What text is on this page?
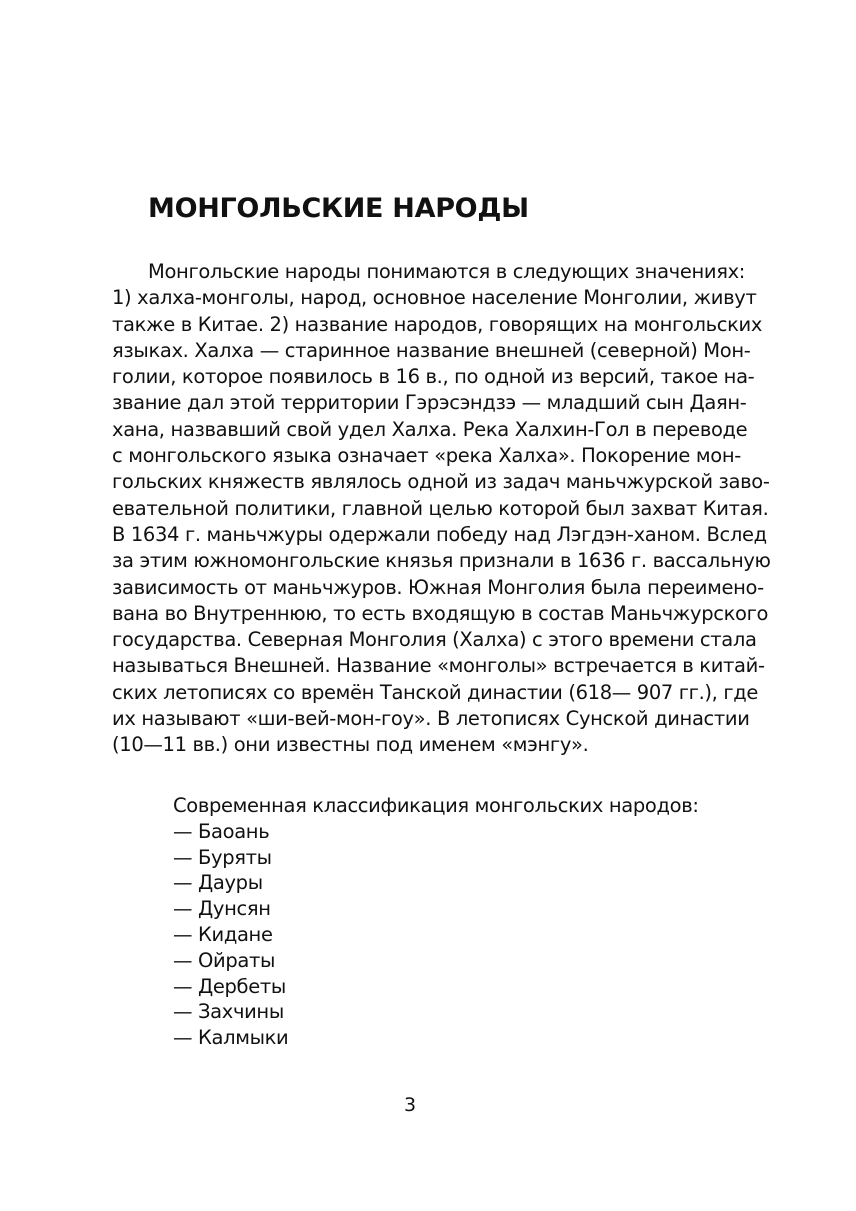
МОНГОЛЬСКИЕ НАРОДЫ
Монгольские народы понимаются в следующих значениях:
1) халха-монголы, народ, основное население Монголии, живут
также в Китае. 2) название народов, говорящих на монгольских
языках. Халха — старинное название внешней (северной) Мон-
голии, которое появилось в 16 в., по одной из версий, такое на-
звание дал этой территории Гэрэсэндзэ — младший сын Даян-
хана, назвавший свой удел Халха. Река Халхин-Гол в переводе
с монгольского языка означает «река Халха». Покорение мон-
гольских княжеств являлось одной из задач маньчжурской заво-
евательной политики, главной целью которой был захват Китая.
В 1634 г. маньчжуры одержали победу над Лэгдэн-ханом. Вслед
за этим южномонгольские князья признали в 1636 г. вассальную
зависимость от маньчжуров. Южная Монголия была переимено-
вана во Внутреннюю, то есть входящую в состав Маньчжурского
государства. Северная Монголия (Халха) с этого времени стала
называться Внешней. Название «монголы» встречается в китай-
ских летописях со времён Танской династии (618— 907 гг.), где
их называют «ши-вей-мон-гоу». В летописях Сунской династии
(10—11 вв.) они известны под именем «мэнгу».
Современная классификация монгольских народов:
— Баоань
— Буряты
— Дауры
— Дунсян
— Кидане
— Ойраты
— Дербеты
— Захчины
— Калмыки
3
